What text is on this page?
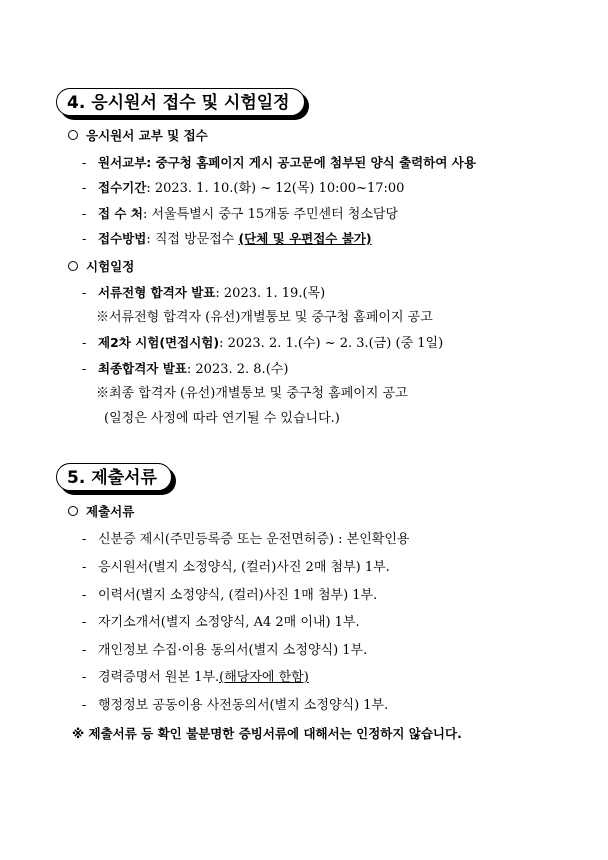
4. 응시원서 접수 및 시험일정
응시원서 교부 및 접수
- 원서교부: 중구청 홈페이지 게시 공고문에 첨부된 양식 출력하여 사용
- 접수기간: 2023. 1. 10.(화) ~ 12(목) 10:00~17:00
- 접 수 처: 서울특별시 중구 15개동 주민센터 청소담당
- 접수방법: 직접 방문접수 (단체 및 우편접수 불가)
시험일정
- 서류전형 합격자 발표: 2023. 1. 19.(목)
※서류전형 합격자 (유선)개별통보 및 중구청 홈페이지 공고
- 제2차 시험(면접시험): 2023. 2. 1.(수) ~ 2. 3.(금) (중 1일)
- 최종합격자 발표: 2023. 2. 8.(수)
※최종 합격자 (유선)개별통보 및 중구청 홈페이지 공고
(일정은 사정에 따라 연기될 수 있습니다.)
5. 제출서류
제출서류
- 신분증 제시(주민등록증 또는 운전면허증) : 본인확인용
- 응시원서(별지 소정양식, (컬러)사진 2매 첨부) 1부.
- 이력서(별지 소정양식, (컬러)사진 1매 첨부) 1부.
- 자기소개서(별지 소정양식, A4 2매 이내) 1부.
- 개인정보 수집·이용 동의서(별지 소정양식) 1부.
- 경력증명서 원본 1부.(해당자에 한함)
- 행정정보 공동이용 사전동의서(별지 소정양식) 1부.
※ 제출서류 등 확인 불분명한 증빙서류에 대해서는 인정하지 않습니다.
